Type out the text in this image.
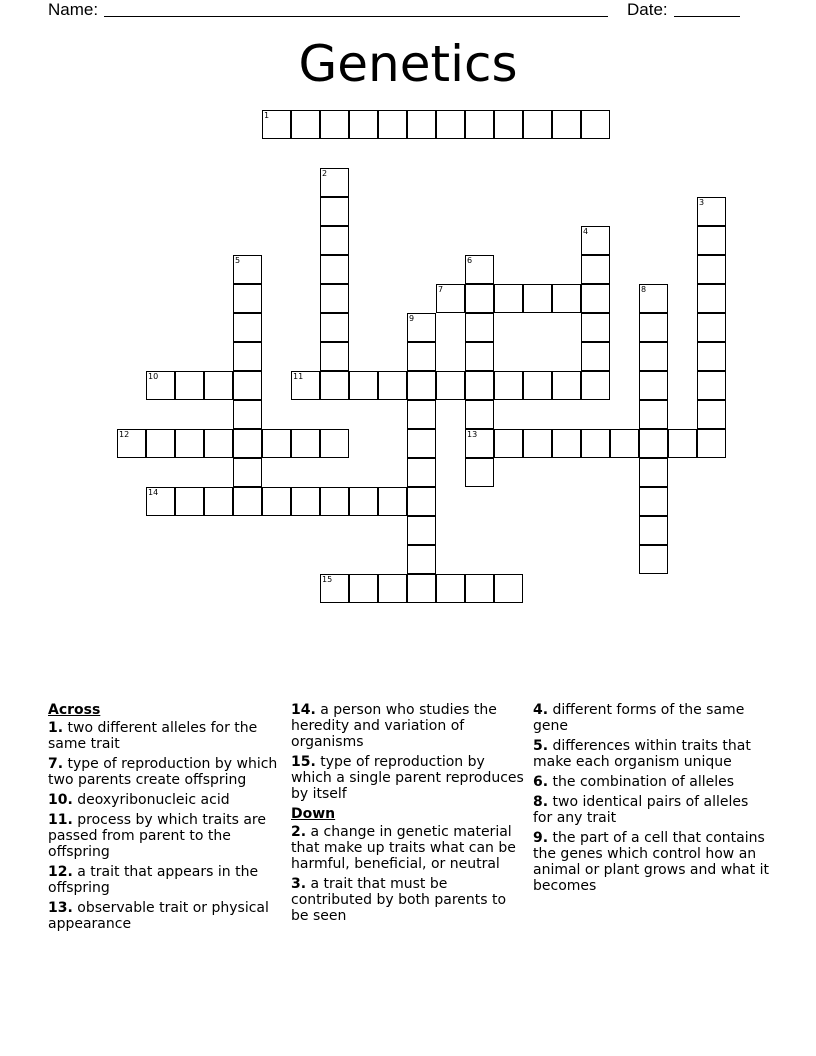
Name:	Date:
Genetics
1
2
3
4
5	6
13
7	8
9
10	11
12
14
15
Across
1. two different alleles for the same trait
7. type of reproduction by which two parents create offspring
10. deoxyribonucleic acid
11. process by which traits are passed from parent to the offspring
12. a trait that appears in the offspring
13. observable trait or physical appearance
14. a person who studies the heredity and variation of organisms
15. type of reproduction by which a single parent reproduces by itself
Down
2. a change in genetic material that make up traits what can be harmful, beneficial, or neutral
3. a trait that must be contributed by both parents to be seen
4. different forms of the same gene
5. differences within traits that make each organism unique
6. the combination of alleles
8. two identical pairs of alleles for any trait
9. the part of a cell that contains the genes which control how an animal or plant grows and what it becomes
